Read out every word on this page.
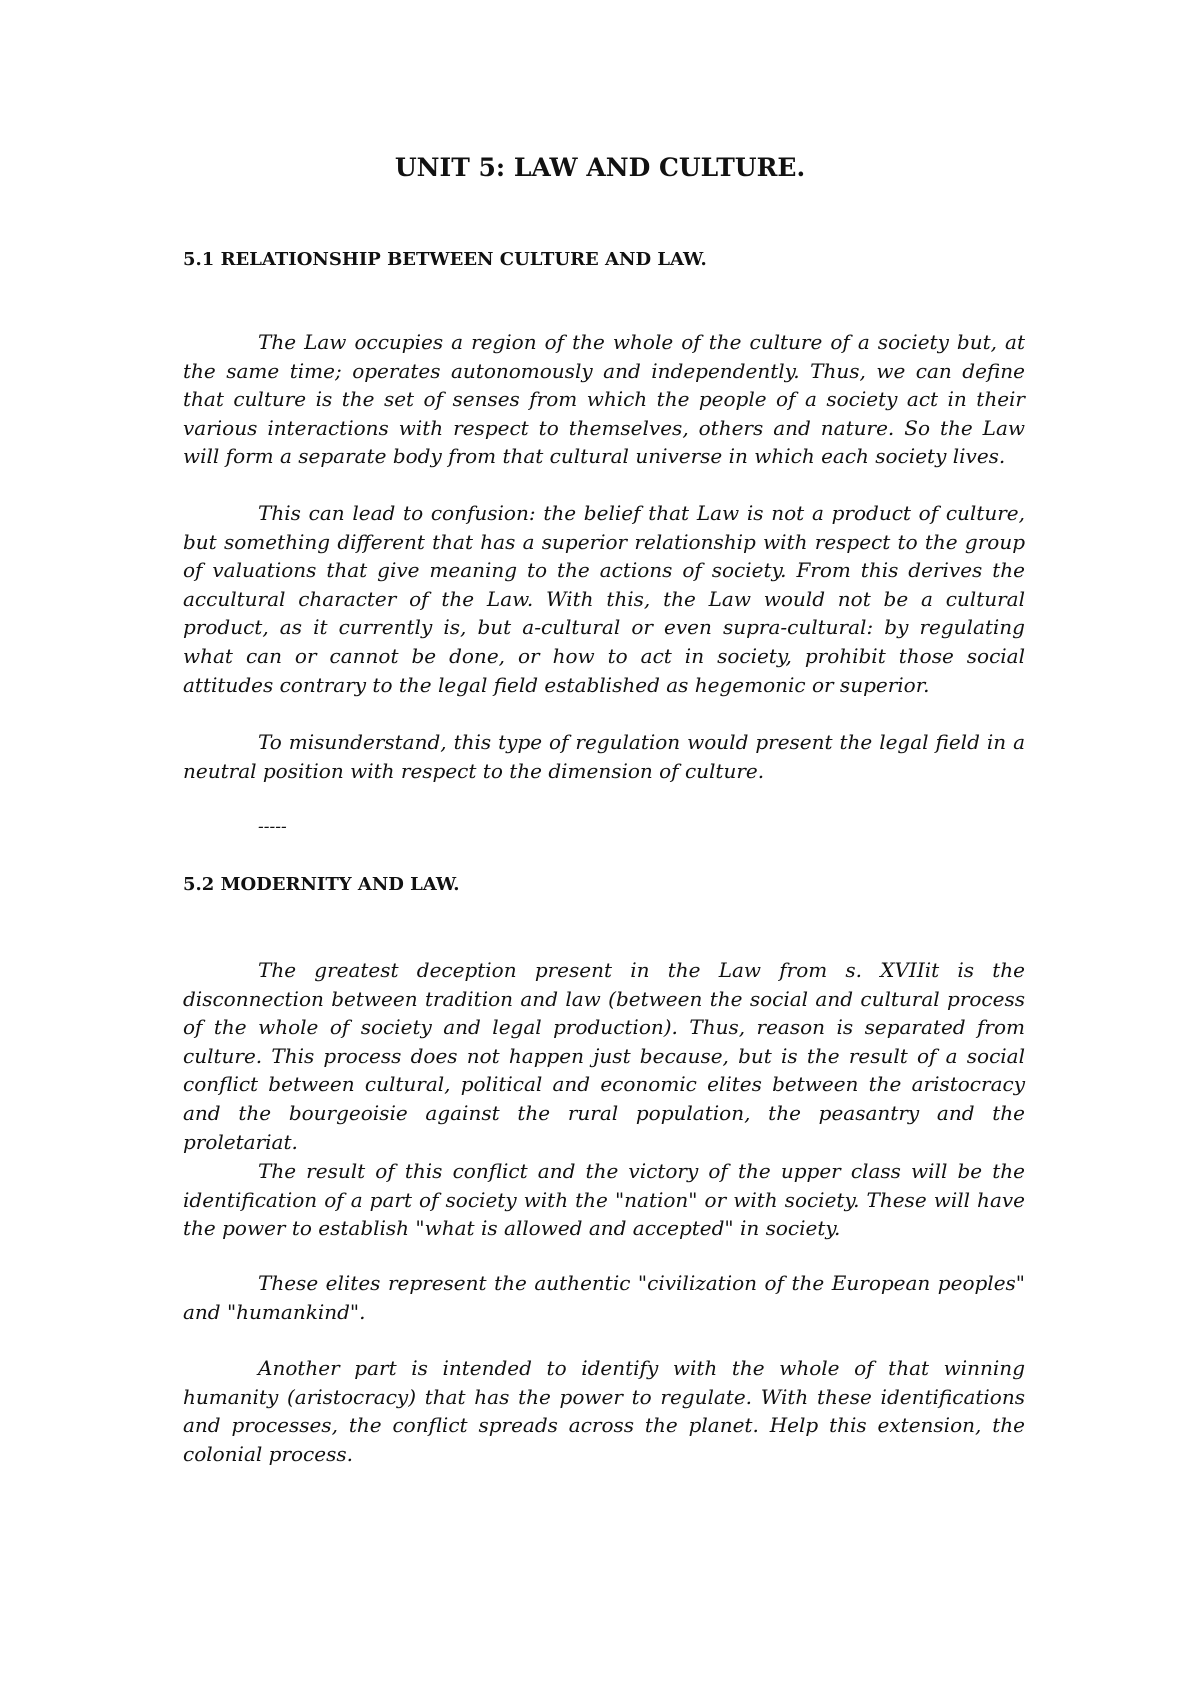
UNIT 5: LAW AND CULTURE.
5.1 RELATIONSHIP BETWEEN CULTURE AND LAW.

The Law occupies a region of the whole of the culture of a society but, at the same time; operates autonomously and independently. Thus, we can define that culture is the set of senses from which the people of a society act in their various interactions with respect to themselves, others and nature. So the Law will form a separate body from that cultural universe in which each society lives.

This can lead to confusion: the belief that Law is not a product of culture, but something different that has a superior relationship with respect to the group of valuations that give meaning to the actions of society. From this derives the accultural character of the Law. With this, the Law would not be a cultural product, as it currently is, but a-cultural or even supra-cultural: by regulating what can or cannot be done, or how to act in society, prohibit those social attitudes contrary to the legal field established as hegemonic or superior.

To misunderstand, this type of regulation would present the legal field in a neutral position with respect to the dimension of culture.

-----

5.2 MODERNITY AND LAW.

The greatest deception present in the Law from s. XVIIit is the disconnection between tradition and law (between the social and cultural process of the whole of society and legal production). Thus, reason is separated from culture. This process does not happen just because, but is the result of a social conflict between cultural, political and economic elites between the aristocracy and the bourgeoisie against the rural population, the peasantry and the proletariat.

The result of this conflict and the victory of the upper class will be the identification of a part of society with the "nation" or with society. These will have the power to establish "what is allowed and accepted" in society.

These elites represent the authentic "civilization of the European peoples" and "humankind".

Another part is intended to identify with the whole of that winning humanity (aristocracy) that has the power to regulate. With these identifications and processes, the conflict spreads across the planet. Help this extension, the colonial process.
